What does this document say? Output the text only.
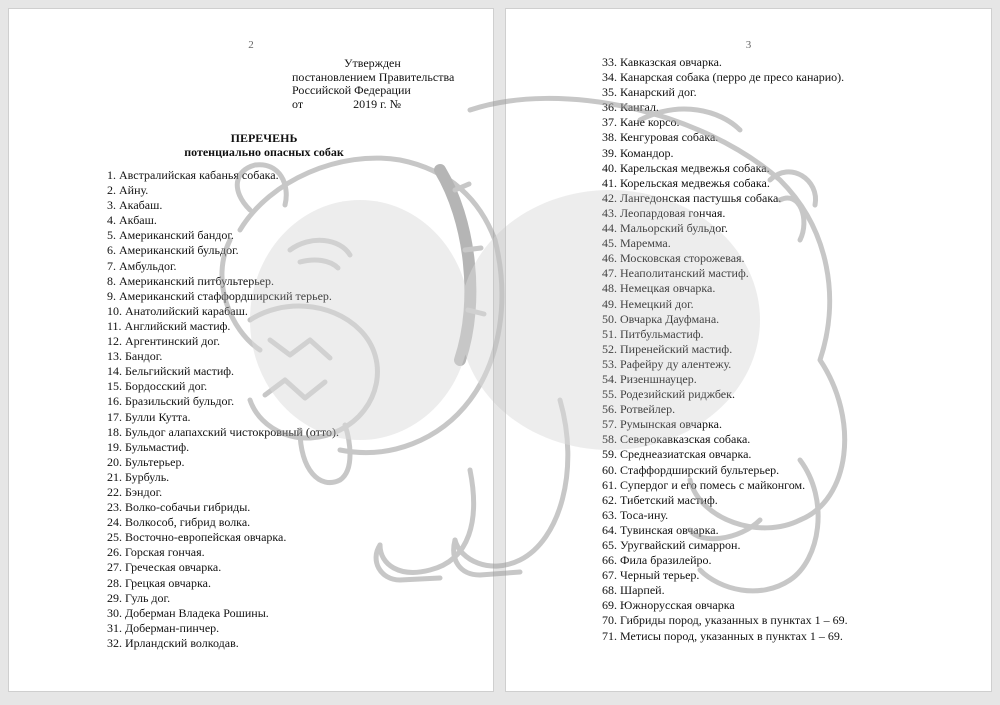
2
Утвержден
постановлением Правительства
Российской Федерации
от	2019 г. №
ПЕРЕЧЕНЬ
потенциально опасных собак
1. Австралийская кабанья собака.
2. Айну.
3. Акабаш.
4. Акбаш.
5. Американский бандог.
6. Американский бульдог.
7. Амбульдог.
8. Американский питбультерьер.
9. Американский стаффордширский терьер.
10. Анатолийский карабаш.
11. Английский мастиф.
12. Аргентинский дог.
13. Бандог.
14. Бельгийский мастиф.
15. Бордосский дог.
16. Бразильский бульдог.
17. Булли Кутта.
18. Бульдог алапахский чистокровный (отто).
19. Бульмастиф.
20. Бультерьер.
21. Бурбуль.
22. Бэндог.
23. Волко-собачьи гибриды.
24. Волкособ, гибрид волка.
25. Восточно-европейская овчарка.
26. Горская гончая.
27. Греческая овчарка.
28. Грецкая овчарка.
29. Гуль дог.
30. Доберман Владека Рошины.
31. Доберман-пинчер.
32. Ирландский волкодав.
3
33. Кавказская овчарка.
34. Канарская собака (перро де пресо канарио).
35. Канарский дог.
36. Кангал.
37. Кане корсо.
38. Кенгуровая собака.
39. Командор.
40. Карельская медвежья собака.
41. Корельская медвежья собака.
42. Лангедонская пастушья собака.
43. Леопардовая гончая.
44. Мальорский бульдог.
45. Маремма.
46. Московская сторожевая.
47. Неаполитанский мастиф.
48. Немецкая овчарка.
49. Немецкий дог.
50. Овчарка Дауфмана.
51. Питбульмастиф.
52. Пиренейский мастиф.
53. Рафейру ду алентежу.
54. Ризеншнауцер.
55. Родезийский риджбек.
56. Ротвейлер.
57. Румынская овчарка.
58. Северокавказская собака.
59. Среднеазиатская овчарка.
60. Стаффордширский бультерьер.
61. Супердог и его помесь с майконгом.
62. Тибетский мастиф.
63. Тоса-ину.
64. Тувинская овчарка.
65. Уругвайский симаррон.
66. Фила бразилейро.
67. Черный терьер.
68. Шарпей.
69. Южнорусская овчарка
70. Гибриды пород, указанных в пунктах 1 – 69.
71. Метисы пород, указанных в пунктах 1 – 69.
